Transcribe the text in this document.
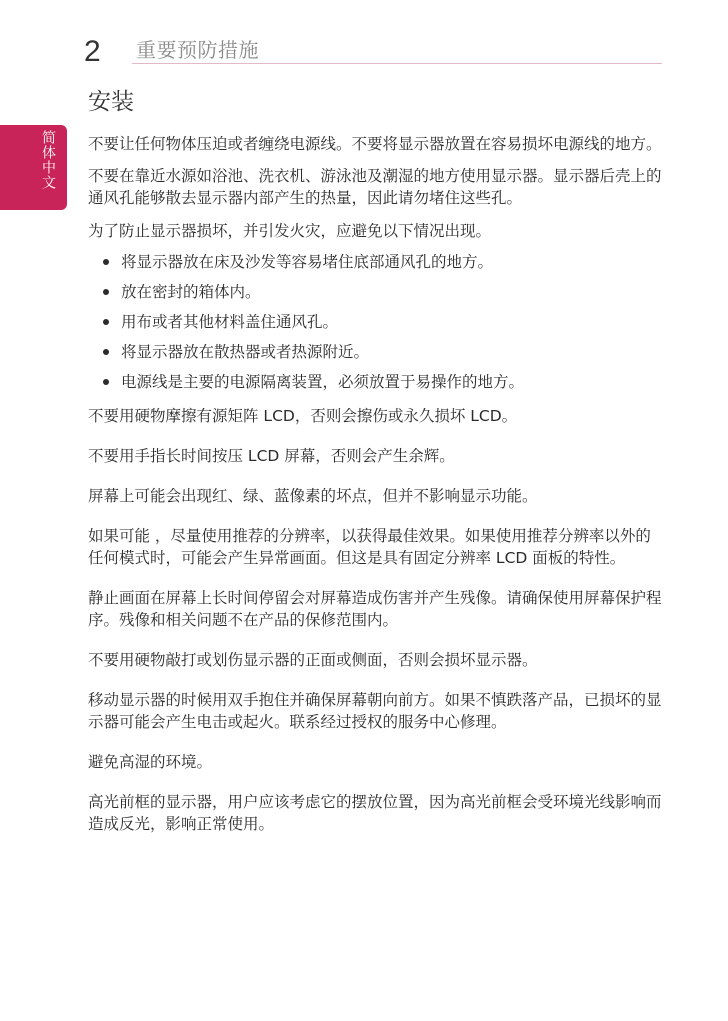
2 重要预防措施
简体中文
安装

不要让任何物体压迫或者缠绕电源线。不要将显示器放置在容易损坏电源线的地方。

不要在靠近水源如浴池、洗衣机、游泳池及潮湿的地方使用显示器。显示器后壳上的通风孔能够散去显示器内部产生的热量，因此请勿堵住这些孔。

为了防止显示器损坏，并引发火灾，应避免以下情况出现。

将显示器放在床及沙发等容易堵住底部通风孔的地方。
放在密封的箱体内。
用布或者其他材料盖住通风孔。
将显示器放在散热器或者热源附近。
电源线是主要的电源隔离装置，必须放置于易操作的地方。

不要用硬物摩擦有源矩阵 LCD，否则会擦伤或永久损坏 LCD。

不要用手指长时间按压 LCD 屏幕，否则会产生余辉。

屏幕上可能会出现红、绿、蓝像素的坏点，但并不影响显示功能。

如果可能 ，尽量使用推荐的分辨率，以获得最佳效果。如果使用推荐分辨率以外的任何模式时，可能会产生异常画面。但这是具有固定分辨率 LCD 面板的特性。

静止画面在屏幕上长时间停留会对屏幕造成伤害并产生残像。请确保使用屏幕保护程序。残像和相关问题不在产品的保修范围内。

不要用硬物敲打或划伤显示器的正面或侧面，否则会损坏显示器。

移动显示器的时候用双手抱住并确保屏幕朝向前方。如果不慎跌落产品，已损坏的显示器可能会产生电击或起火。联系经过授权的服务中心修理。

避免高湿的环境。

高光前框的显示器，用户应该考虑它的摆放位置，因为高光前框会受环境光线影响而造成反光，影响正常使用。
